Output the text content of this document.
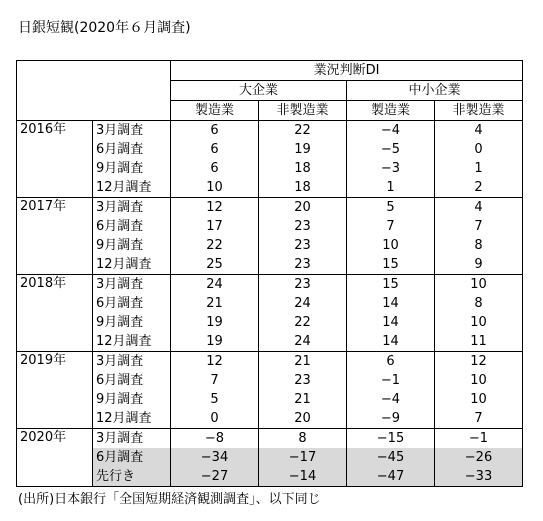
日銀短観(2020年６月調査)
		業況判断DI			
		大企業		中小企業	
		製造業	非製造業	製造業	非製造業
2016年	3月調査	6	22	−4	4
	6月調査	6	19	−5	0
	9月調査	6	18	−3	1
	12月調査	10	18	1	2
2017年	3月調査	12	20	5	4
	6月調査	17	23	7	7
	9月調査	22	23	10	8
	12月調査	25	23	15	9
2018年	3月調査	24	23	15	10
	6月調査	21	24	14	8
	9月調査	19	22	14	10
	12月調査	19	24	14	11
2019年	3月調査	12	21	6	12
	6月調査	7	23	−1	10
	9月調査	5	21	−4	10
	12月調査	0	20	−9	7
2020年	3月調査	−8	8	−15	−1
	6月調査	−34	−17	−45	−26
	先行き	−27	−14	−47	−33
(出所)日本銀行「全国短期経済観測調査」、以下同じ
